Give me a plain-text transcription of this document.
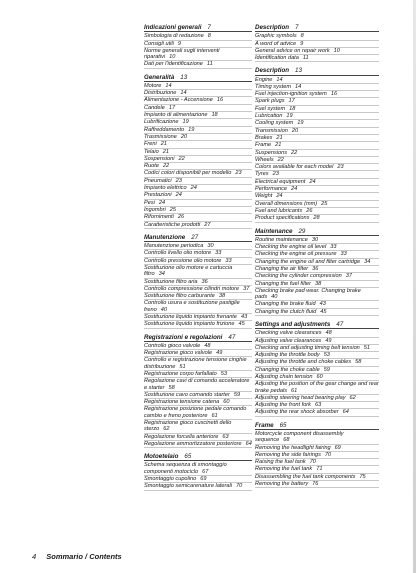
Indicazioni generali 7
Simbologia di redazione 8
Consigli utili 9
Norme generali sugli interventi riparativi 10
Dati per l'identificazione 11
Generalità 13
Motore 14
Distribuzione 14
Alimentazione - Accensione 16
Candele 17
Impianto di alimentazione 18
Lubrificazione 19
Raffreddamento 19
Trasmissione 20
Freni 21
Telaio 21
Sospensioni 22
Ruote 22
Codici colori disponibili per modello 23
Pneumatici 23
Impianto elettrico 24
Prestazioni 24
Pesi 24
Ingombri 25
Rifornimenti 26
Caratteristiche prodotti 27
Manutenzione 27
Manutenzione periodica 30
Controllo livello olio motore 33
Controllo pressione olio motore 33
Sostituzione olio motore e cartuccia filtro 34
Sostituzione filtro aria 36
Controllo compressione cilindri motore 37
Sostituzione filtro carburante 38
Controllo usura e sostituzione pastiglie freno 40
Sostituzione liquido impianto frenante 43
Sostituzione liquido impianto frizione 45
Registrazioni e regolazioni 47
Controllo gioco valvole 48
Registrazione gioco valvole 49
Controllo e registrazione tensione cinghie distribuzione 51
Registrazione corpo farfallato 53
Regolazione cavi di comando acceleratore e starter 58
Sostituzione cavo comando starter 59
Registrazione tensione catena 60
Registrazione posizione pedale comando cambio e freno posteriore 61
Registrazione gioco cuscinetti dello sterzo 62
Regolazione forcella anteriore 63
Regolazione ammortizzatore posteriore 64
Motoetelaio 65
Schema sequenza di smontaggio componenti motociclo 67
Smontaggio cupolino 69
Smontaggio semicarenature laterali 70
Description 7
Graphic symbols 8
A word of advice 9
General advice on repair work 10
Identification data 11
Description 13
Engine 14
Timing system 14
Fuel injection-ignition system 16
Spark plugs 17
Fuel system 18
Lubrication 19
Cooling system 19
Transmission 20
Brakes 21
Frame 21
Suspensions 22
Wheels 22
Colors available for each model 23
Tyres 23
Electrical equipment 24
Performance 24
Weight 24
Overall dimensions (mm) 25
Fuel and lubricants 26
Product specifications 28
Maintenance 29
Routine maintenance 30
Checking the engine oil level 33
Checking the engine oil pressure 33
Changing the engine oil and filter cartridge 34
Changing the air filter 36
Checking the cylinder compression 37
Changing the fuel filter 38
Checking brake pad wear. Changing brake pads 40
Changing the brake fluid 43
Changing the clutch fluid 45
Settings and adjustments 47
Checking valve clearances 48
Adjusting valve clearances 49
Checking and adjusting timing belt tension 51
Adjusting the throttle body 53
Adjusting the throttle and choke cables 58
Changing the choke cable 59
Adjusting chain tension 60
Adjusting the position of the gear change and rear brake pedals 61
Adjusting steering head bearing play 62
Adjusting the front fork 63
Adjusting the rear shock absorber 64
Frame 65
Motorcycle component disassembly sequence 68
Removing the headlight fairing 69
Removing the side fairings 70
Raising the fuel tank 70
Removing the fuel tank 71
Disassembling the fuel tank components 75
Removing the battery 76
4 Sommario / Contents
